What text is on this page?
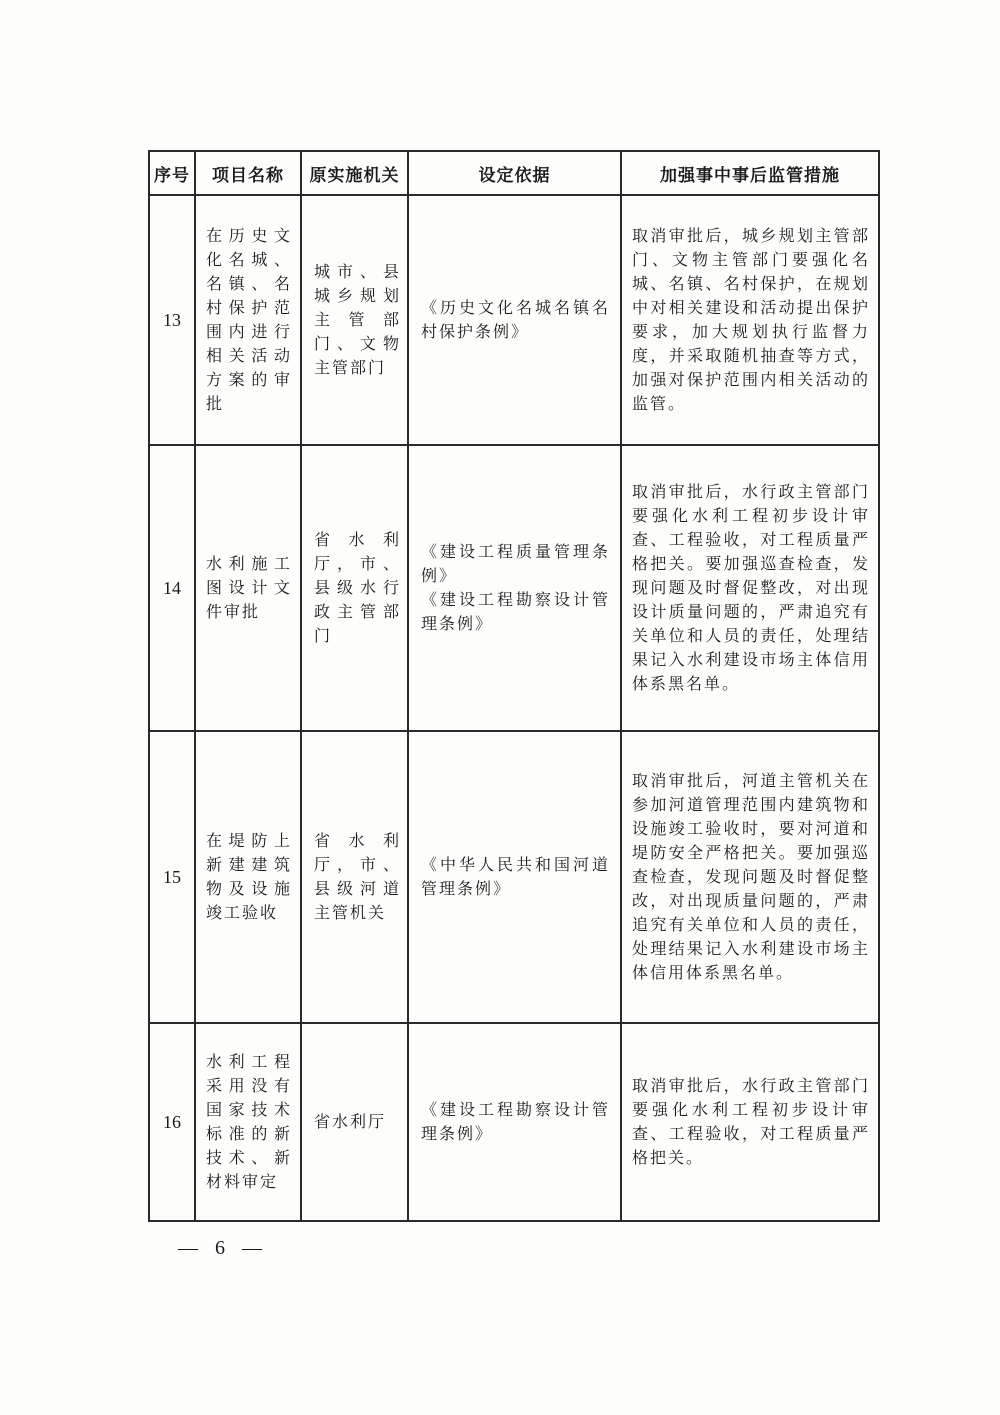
序号	项目名称	原实施机关	设定依据	加强事中事后监管措施

13	在历史文化名城、名镇、名村保护范围内进行相关活动方案的审批	城市、县城乡规划主管部门、文物主管部门	《历史文化名城名镇名村保护条例》	取消审批后，城乡规划主管部门、文物主管部门要强化名城、名镇、名村保护，在规划中对相关建设和活动提出保护要求，加大规划执行监督力度，并采取随机抽查等方式，加强对保护范围内相关活动的监管。

14	水利施工图设计文件审批	省水利厅，市、县级水行政主管部门	《建设工程质量管理条例》
《建设工程勘察设计管理条例》	取消审批后，水行政主管部门要强化水利工程初步设计审查、工程验收，对工程质量严格把关。要加强巡查检查，发现问题及时督促整改，对出现设计质量问题的，严肃追究有关单位和人员的责任，处理结果记入水利建设市场主体信用体系黑名单。

15	在堤防上新建建筑物及设施竣工验收	省水利厅，市、县级河道主管机关	《中华人民共和国河道管理条例》	取消审批后，河道主管机关在参加河道管理范围内建筑物和设施竣工验收时，要对河道和堤防安全严格把关。要加强巡查检查，发现问题及时督促整改，对出现质量问题的，严肃追究有关单位和人员的责任，处理结果记入水利建设市场主体信用体系黑名单。

16	水利工程采用没有国家技术标准的新技术、新材料审定	省水利厅	《建设工程勘察设计管理条例》	取消审批后，水行政主管部门要强化水利工程初步设计审查、工程验收，对工程质量严格把关。
— 6 —
